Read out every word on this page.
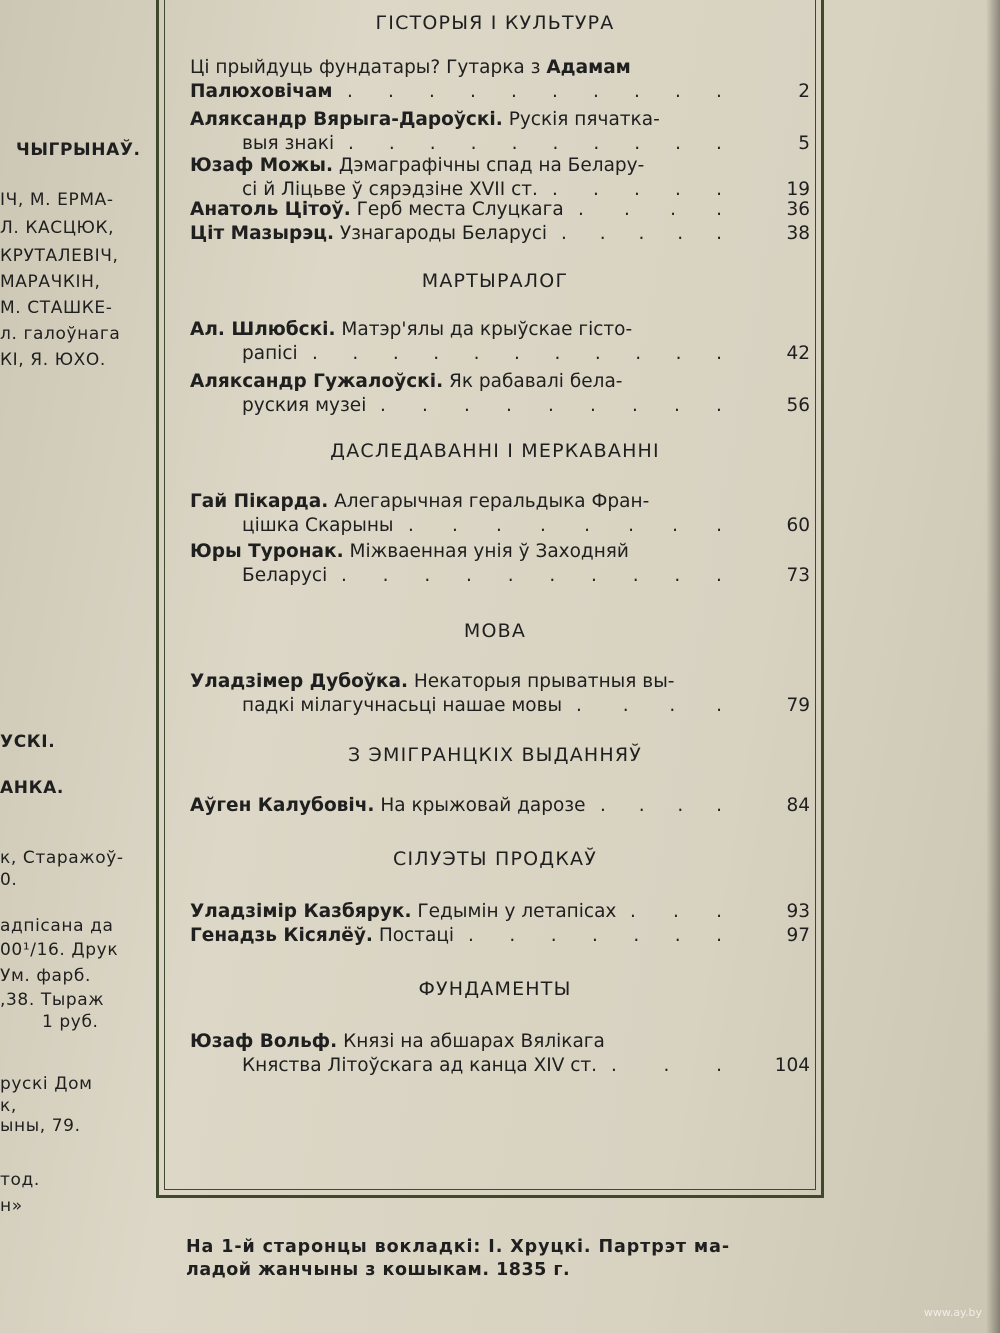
ЧЫГРЫНАЎ.
ІЧ, М. ЕРМА-
Л. КАСЦЮК,
КРУТАЛЕВІЧ,
МАРАЧКІН,
М. СТАШКЕ-
л. галоўнага
КІ, Я. ЮХО.
УСКІ.
АНКА.
к, Старажоў-
0.
адпісана да
00¹/16. Друк
Ум. фарб.
,38. Тыраж
1 руб.
рускі Дом
к,
ыны, 79.
тод.
н»
ГІСТОРЫЯ І КУЛЬТУРА
Ці прыйдуць фундатары? Гутарка з Адамам
Палюховічам	2
. . . . . . . . . .
Аляксандр Вярыга-Дароўскі. Рускія пячатка-
выя знакі	5
. . . . . . . . . .
Юзаф Можы. Дэмаграфічны спад на Белару-
сі й Ліцьве ў сярэдзіне XVII ст.	19
. . . . .
Анатоль Цітоў. Герб места Слуцкага	36
. . . .
Ціт Мазырэц. Узнагароды Беларусі	38
. . . . .
МАРТЫРАЛОГ
Ал. Шлюбскі. Матэр'ялы да крыўскае гісто-
рапісі	42
. . . . . . . . . . .
Аляксандр Гужалоўскі. Як рабавалі бела-
руския музеі	56
. . . . . . . . .
ДАСЛЕДАВАННІ І МЕРКАВАННІ
Гай Пікарда. Алегарычная геральдыка Фран-
цішка Скарыны	60
. . . . . . . .
Юры Туронак. Міжваенная унія ў Заходняй
Беларусі	73
. . . . . . . . . .
МОВА
Уладзімер Дубоўка. Некаторыя прыватныя вы-
падкі мілагучнасьці нашае мовы	79
. . . .
З ЭМІГРАНЦКІХ ВЫДАННЯЎ
Аўген Калубовіч. На крыжовай дарозе	84
. . . .
СІЛУЭТЫ ПРОДКАЎ
Уладзімір Казбярук. Гедымін у летапісах	93
. . .
Генадзь Кісялёў. Постаці	97
. . . . . . .
ФУНДАМЕНТЫ
Юзаф Вольф. Князі на абшарах Вялікага
Княства Літоўскага ад канца XIV ст.	104
.	.	.
На 1-й старонцы вокладкі: І. Хруцкі. Партрэт ма-
ладой жанчыны з кошыкам. 1835 г.
www.ay.by
